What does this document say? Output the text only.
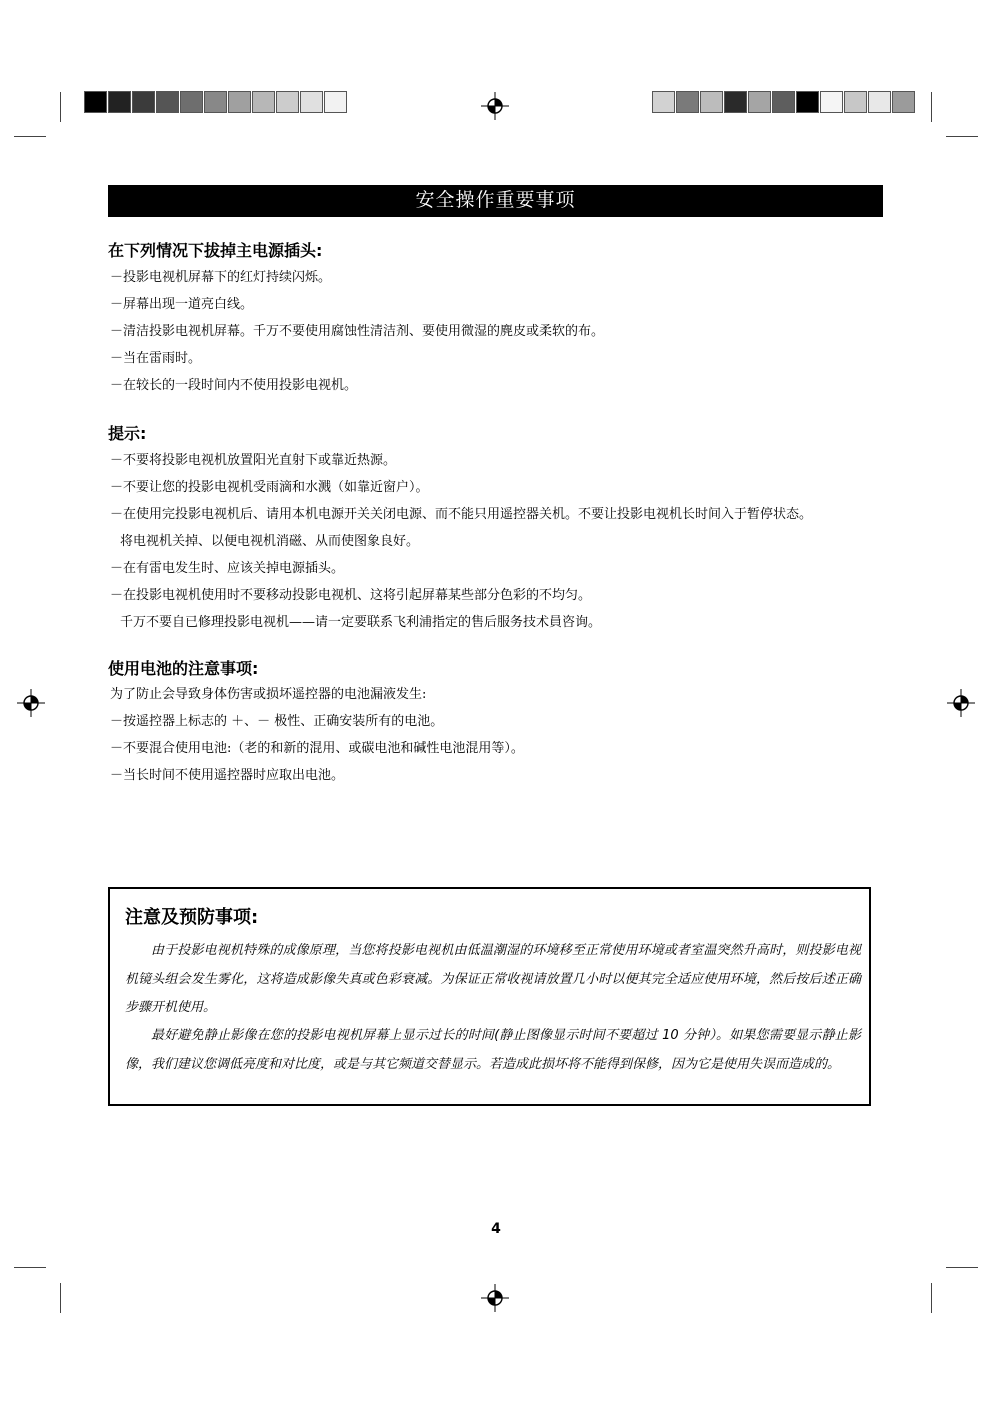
安全操作重要事项
在下列情况下拔掉主电源插头:
－投影电视机屏幕下的红灯持续闪烁。
－屏幕出现一道亮白线。
－清洁投影电视机屏幕。千万不要使用腐蚀性清洁剂、要使用微湿的麂皮或柔软的布。
－当在雷雨时。
－在较长的一段时间内不使用投影电视机。
提示:
－不要将投影电视机放置阳光直射下或靠近热源。
－不要让您的投影电视机受雨滴和水溅（如靠近窗户）。
－在使用完投影电视机后、请用本机电源开关关闭电源、而不能只用遥控器关机。不要让投影电视机长时间入于暂停状态。
将电视机关掉、以便电视机消磁、从而使图象良好。
－在有雷电发生时、应该关掉电源插头。
－在投影电视机使用时不要移动投影电视机、这将引起屏幕某些部分色彩的不均匀。
千万不要自已修理投影电视机——请一定要联系飞利浦指定的售后服务技术員咨询。
使用电池的注意事项:
为了防止会导致身体伤害或损坏遥控器的电池漏液发生:
－按遥控器上标志的 ＋、－ 极性、正确安装所有的电池。
－不要混合使用电池:（老的和新的混用、或碳电池和碱性电池混用等）。
－当长时间不使用遥控器时应取出电池。
注意及预防事项:
由于投影电视机特殊的成像原理，当您将投影电视机由低温潮湿的环境移至正常使用环境或者室温突然升高时，则投影电视机镜头组会发生雾化，这将造成影像失真或色彩衰减。为保证正常收视请放置几小时以便其完全适应使用环境，然后按后述正确步骤开机使用。
最好避免静止影像在您的投影电视机屏幕上显示过长的时间(静止图像显示时间不要超过 10 分钟）。如果您需要显示静止影像，我们建议您调低亮度和对比度，或是与其它频道交替显示。若造成此损坏将不能得到保修，因为它是使用失误而造成的。
4
